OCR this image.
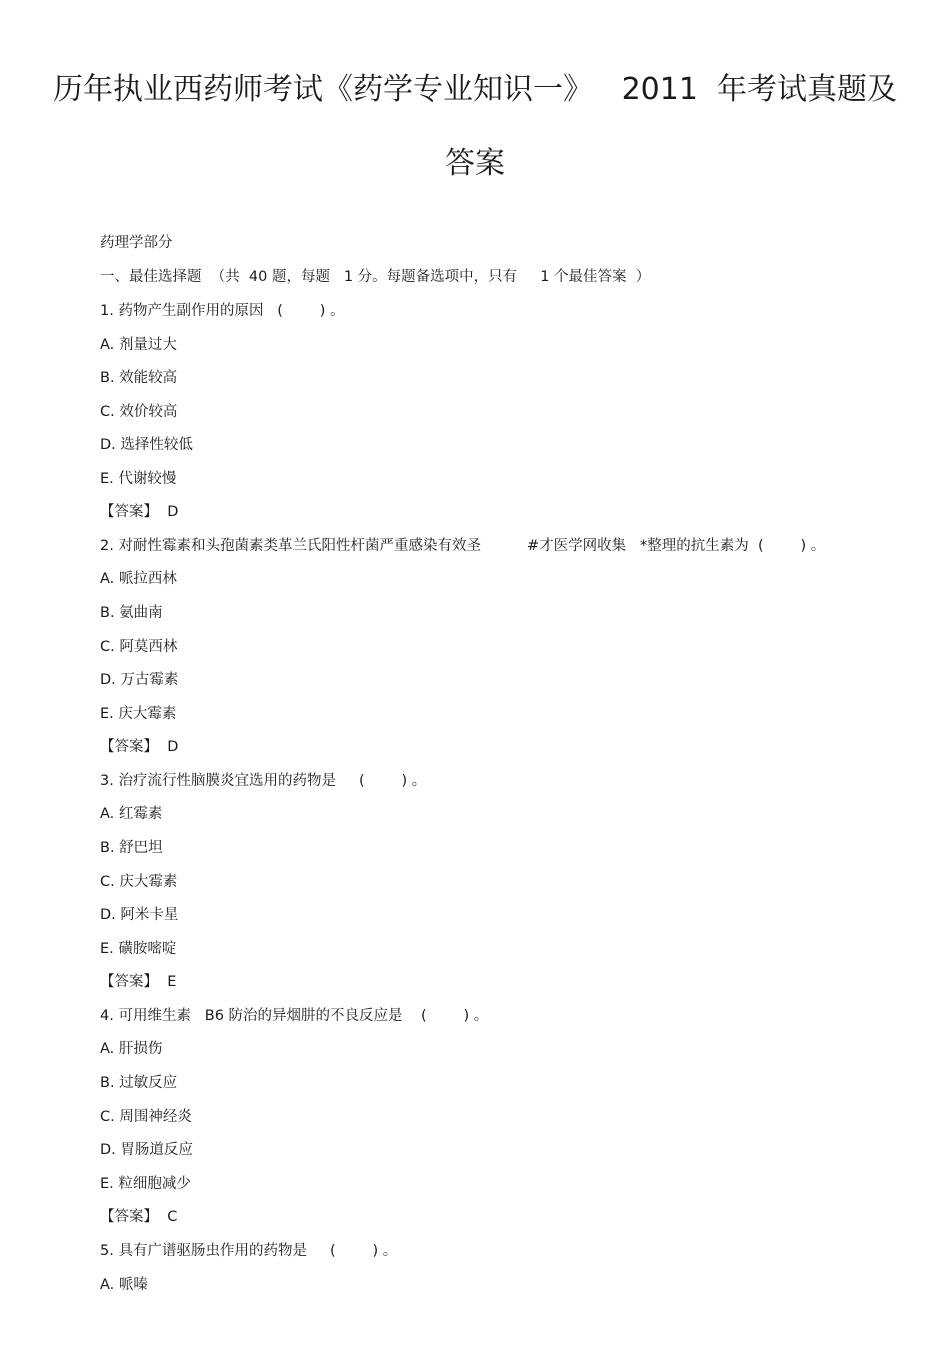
历年执业西药师考试《药学专业知识一》   2011  年考试真题及
答案
药理学部分
一、最佳选择题  （共  40 题，每题   1 分。每题备选项中，只有     1 个最佳答案  ）
1. 药物产生副作用的原因   (        ) 。
A. 剂量过大
B. 效能较高
C. 效价较高
D. 选择性较低
E. 代谢较慢
【答案】  D
2. 对耐性霉素和头孢菌素类革兰氏阳性杆菌严重感染有效圣          #才医学网收集   *整理的抗生素为  (        ) 。
A. 哌拉西林
B. 氨曲南
C. 阿莫西林
D. 万古霉素
E. 庆大霉素
【答案】  D
3. 治疗流行性脑膜炎宜选用的药物是     (        ) 。
A. 红霉素
B. 舒巴坦
C. 庆大霉素
D. 阿米卡星
E. 磺胺嘧啶
【答案】  E
4. 可用维生素   B6 防治的异烟肼的不良反应是    (        ) 。
A. 肝损伤
B. 过敏反应
C. 周围神经炎
D. 胃肠道反应
E. 粒细胞减少
【答案】  C
5. 具有广谱驱肠虫作用的药物是     (        ) 。
A. 哌嗪
